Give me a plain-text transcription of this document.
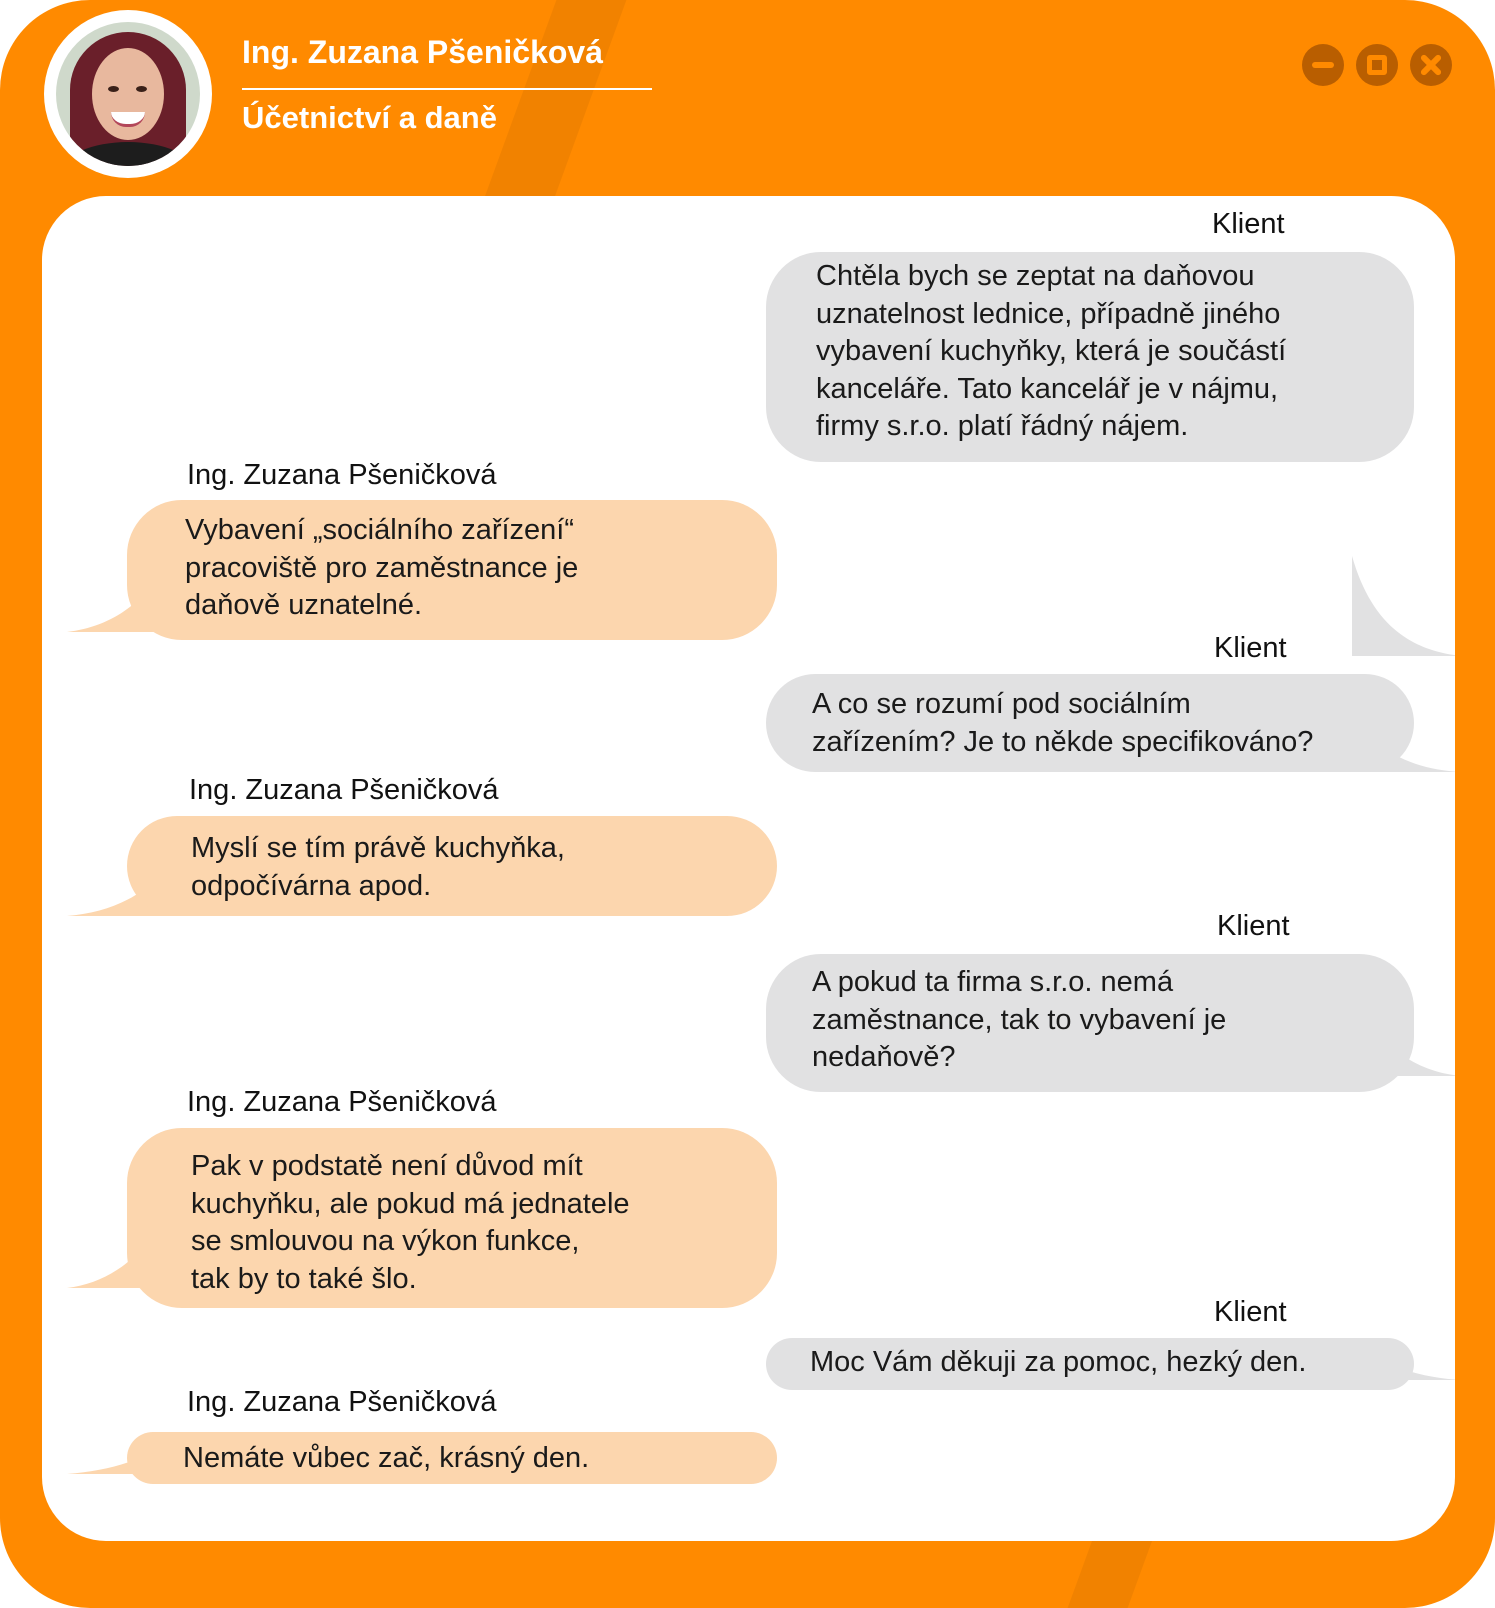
Ing. Zuzana Pšeničková
Účetnictví a daně
Klient

Chtěla bych se zeptat na daňovou

uznatelnost lednice, případně jiného

vybavení kuchyňky, která je součástí

kanceláře. Tato kancelář je v nájmu,

firmy s.r.o. platí řádný nájem.

Ing. Zuzana Pšeničková

Vybavení „sociálního zařízení“

pracoviště pro zaměstnance je

daňově uznatelné.

Klient

A co se rozumí pod sociálním

zařízením? Je to někde specifikováno?

Ing. Zuzana Pšeničková

Myslí se tím právě kuchyňka,

odpočívárna apod.

Klient

A pokud ta firma s.r.o. nemá

zaměstnance, tak to vybavení je

nedaňově?

Ing. Zuzana Pšeničková

Pak v podstatě není důvod mít

kuchyňku, ale pokud má jednatele

se smlouvou na výkon funkce,

tak by to také šlo.

Klient

Moc Vám děkuji za pomoc, hezký den.

Ing. Zuzana Pšeničková

Nemáte vůbec zač, krásný den.
